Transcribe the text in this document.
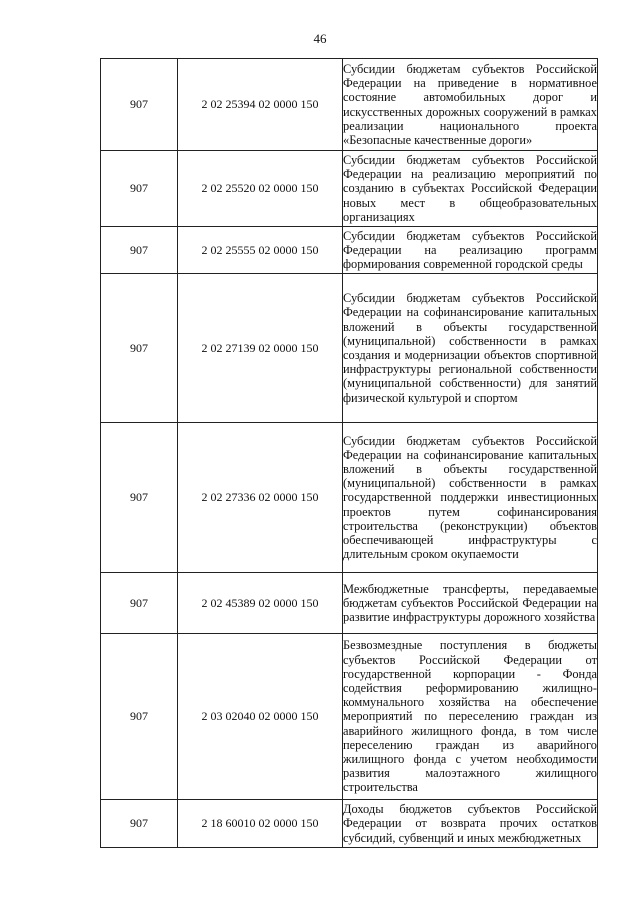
46
907	2 02 25394 02 0000 150	Субсидии бюджетам субъектов Российской Федерации на приведение в нормативное состояние автомобильных дорог и искусственных дорожных сооружений в рамках реализации национального проекта «Безопасные качественные дороги»
907	2 02 25520 02 0000 150	Субсидии бюджетам субъектов Российской Федерации на реализацию мероприятий по созданию в субъектах Российской Федерации новых мест в общеобразовательных организациях
907	2 02 25555 02 0000 150	Субсидии бюджетам субъектов Российской Федерации на реализацию программ формирования современной городской среды
907	2 02 27139 02 0000 150	Субсидии бюджетам субъектов Российской Федерации на софинансирование капитальных вложений в объекты государственной (муниципальной) собственности в рамках создания и модернизации объектов спортивной инфраструктуры региональной собственности (муниципальной собственности) для занятий физической культурой и спортом
907	2 02 27336 02 0000 150	Субсидии бюджетам субъектов Российской Федерации на софинансирование капитальных вложений в объекты государственной (муниципальной) собственности в рамках государственной поддержки инвестиционных проектов путем софинансирования строительства (реконструкции) объектов обеспечивающей инфраструктуры с длительным сроком окупаемости
907	2 02 45389 02 0000 150	Межбюджетные трансферты, передаваемые бюджетам субъектов Российской Федерации на развитие инфраструктуры дорожного хозяйства
907	2 03 02040 02 0000 150	Безвозмездные поступления в бюджеты субъектов Российской Федерации от государственной корпорации - Фонда содействия реформированию жилищно-коммунального хозяйства на обеспечение мероприятий по переселению граждан из аварийного жилищного фонда, в том числе переселению граждан из аварийного жилищного фонда с учетом необходимости развития малоэтажного жилищного строительства
907	2 18 60010 02 0000 150	Доходы бюджетов субъектов Российской Федерации от возврата прочих остатков субсидий, субвенций и иных межбюджетных
